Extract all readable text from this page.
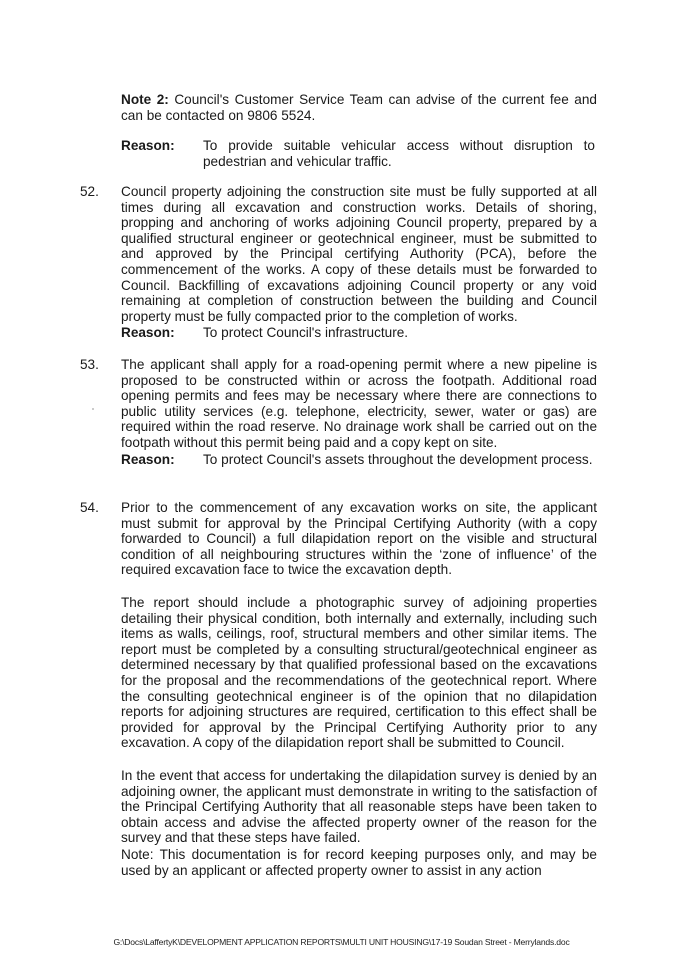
Note 2: Council's Customer Service Team can advise of the current fee and can be contacted on 9806 5524.

Reason: To provide suitable vehicular access without disruption to pedestrian and vehicular traffic.
52. Council property adjoining the construction site must be fully supported at all times during all excavation and construction works. Details of shoring, propping and anchoring of works adjoining Council property, prepared by a qualified structural engineer or geotechnical engineer, must be submitted to and approved by the Principal certifying Authority (PCA), before the commencement of the works. A copy of these details must be forwarded to Council. Backfilling of excavations adjoining Council property or any void remaining at completion of construction between the building and Council property must be fully compacted prior to the completion of works.

Reason: To protect Council's infrastructure.
53. The applicant shall apply for a road-opening permit where a new pipeline is proposed to be constructed within or across the footpath. Additional road opening permits and fees may be necessary where there are connections to public utility services (e.g. telephone, electricity, sewer, water or gas) are required within the road reserve. No drainage work shall be carried out on the footpath without this permit being paid and a copy kept on site.

Reason: To protect Council's assets throughout the development process.
54. Prior to the commencement of any excavation works on site, the applicant must submit for approval by the Principal Certifying Authority (with a copy forwarded to Council) a full dilapidation report on the visible and structural condition of all neighbouring structures within the ‘zone of influence’ of the required excavation face to twice the excavation depth.

The report should include a photographic survey of adjoining properties detailing their physical condition, both internally and externally, including such items as walls, ceilings, roof, structural members and other similar items. The report must be completed by a consulting structural/geotechnical engineer as determined necessary by that qualified professional based on the excavations for the proposal and the recommendations of the geotechnical report. Where the consulting geotechnical engineer is of the opinion that no dilapidation reports for adjoining structures are required, certification to this effect shall be provided for approval by the Principal Certifying Authority prior to any excavation. A copy of the dilapidation report shall be submitted to Council.

In the event that access for undertaking the dilapidation survey is denied by an adjoining owner, the applicant must demonstrate in writing to the satisfaction of the Principal Certifying Authority that all reasonable steps have been taken to obtain access and advise the affected property owner of the reason for the survey and that these steps have failed.

Note: This documentation is for record keeping purposes only, and may be used by an applicant or affected property owner to assist in any action

G:\Docs\LaffertyK\DEVELOPMENT APPLICATION REPORTS\MULTI UNIT HOUSING\17-19 Soudan Street - Merrylands.doc
